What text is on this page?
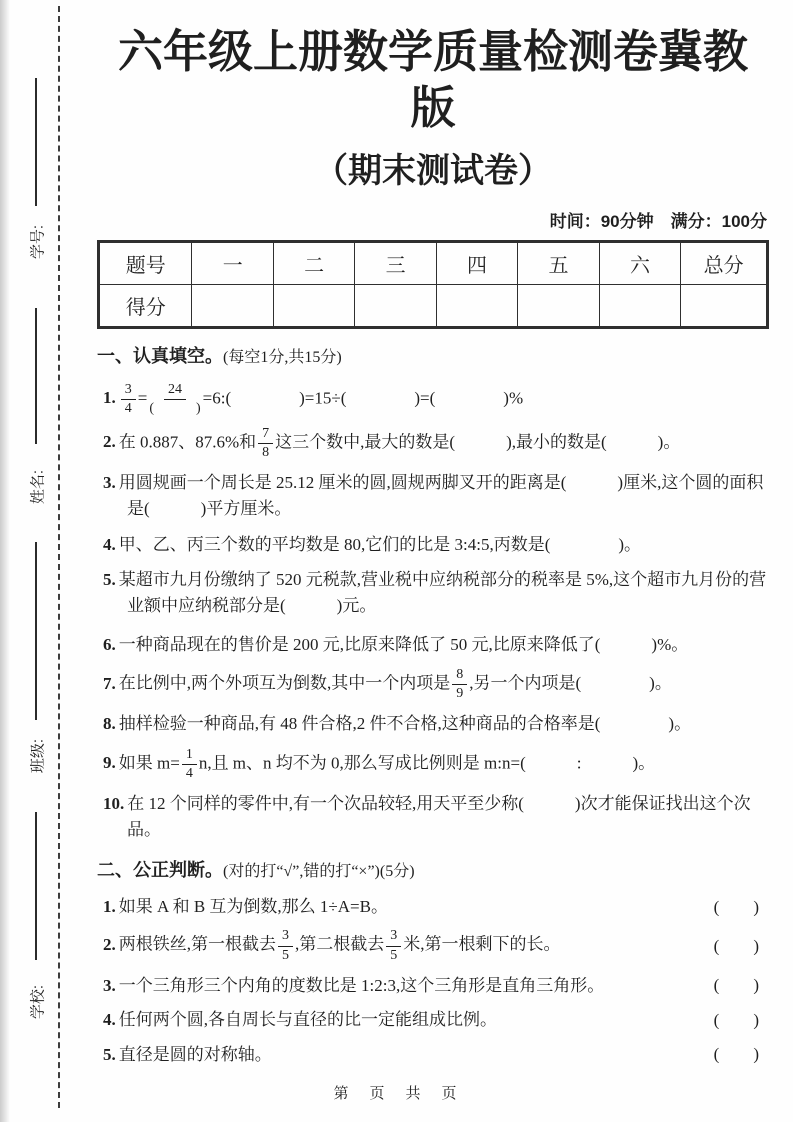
学号:
姓名:
班级:
学校:
六年级上册数学质量检测卷冀教版
（期末测试卷）
时间：90分钟　满分：100分
题号	一	二	三	四	五	六	总分
得分							
一、认真填空。(每空1分,共15分)
1. $\frac{3}{4} = \frac{24}{( )}$ =6:(　　　　)=15÷(　　　　)=(　　　　)%
2. 在 0.887、87.6%和 $\frac{7}{8}$ 这三个数中,最大的数是(　　　),最小的数是(　　　)。
3. 用圆规画一个周长是 25.12 厘米的圆,圆规两脚叉开的距离是(　　　)厘米,这个圆的面积是(　　　)平方厘米。
4. 甲、乙、丙三个数的平均数是 80,它们的比是 3:4:5,丙数是(　　　　)。
5. 某超市九月份缴纳了 520 元税款,营业税中应纳税部分的税率是 5%,这个超市九月份的营业额中应纳税部分是(　　　)元。
6. 一种商品现在的售价是 200 元,比原来降低了 50 元,比原来降低了(　　　)%。
7. 在比例中,两个外项互为倒数,其中一个内项是 $\frac{8}{9}$ ,另一个内项是(　　　　)。
8. 抽样检验一种商品,有 48 件合格,2 件不合格,这种商品的合格率是(　　　　)。
9. 如果 $m= \frac{1}{4} n$,且 m、n 均不为 0,那么写成比例则是 m:n=(　　　:　　　)。
10. 在 12 个同样的零件中,有一个次品较轻,用天平至少称(　　　)次才能保证找出这个次品。
二、公正判断。(对的打“√”,错的打“×”)(5分)
1. 如果 A 和 B 互为倒数,那么 1÷A=B。	(　　)
2. 两根铁丝,第一根截去 $\frac{3}{5}$ ,第二根截去 $\frac{3}{5}$ 米,第一根剩下的长。	(　　)
3. 一个三角形三个内角的度数比是 1:2:3,这个三角形是直角三角形。	(　　)
4. 任何两个圆,各自周长与直径的比一定能组成比例。	(　　)
5. 直径是圆的对称轴。	(　　)
第　页　共　页
